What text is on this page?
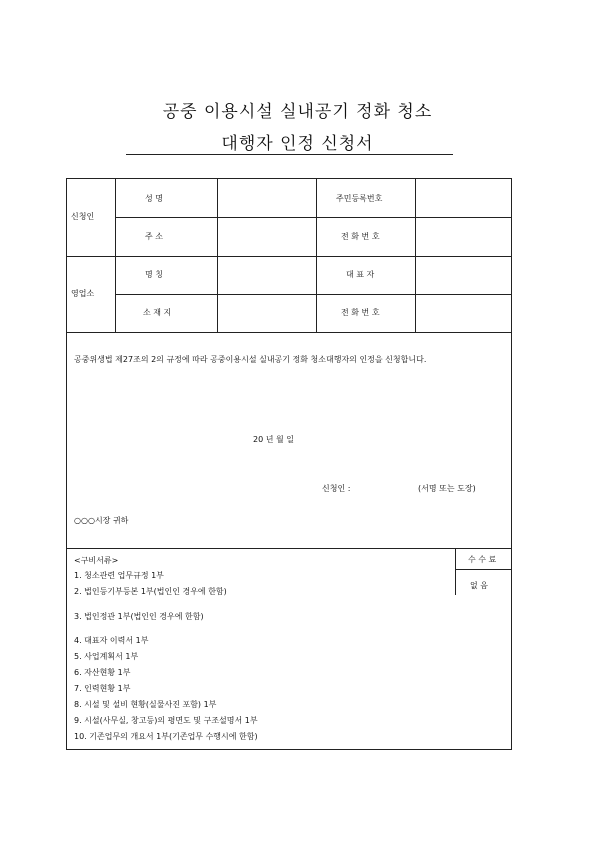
공중 이용시설 실내공기 정화 청소
대행자 인정 신청서
신청인
성 명	주민등록번호
주 소	전 화 번 호
영업소
명 칭	대 표 자
소 재 지	전 화 번 호
공중위생법 제27조의 2의 규정에 따라 공중이용시설 실내공기 정화 청소대행자의 인정을 신청합니다.
20 년 월 일
신청인 :	(서명 또는 도장)
○○○시장 귀하
<구비서류>
1. 청소관련 업무규정 1부
2. 법인등기부등본 1부(법인인 경우에 한함)
3. 법인정관 1부(법인인 경우에 한함)
4. 대표자 이력서 1부
5. 사업계획서 1부
6. 자산현황 1부
7. 인력현황 1부
8. 시설 및 설비 현황(실물사진 포함) 1부
9. 시설(사무실, 창고등)의 평면도 및 구조설명서 1부
10. 기존업무의 개요서 1부(기존업무 수행시에 한함)
수 수 료
없 음
